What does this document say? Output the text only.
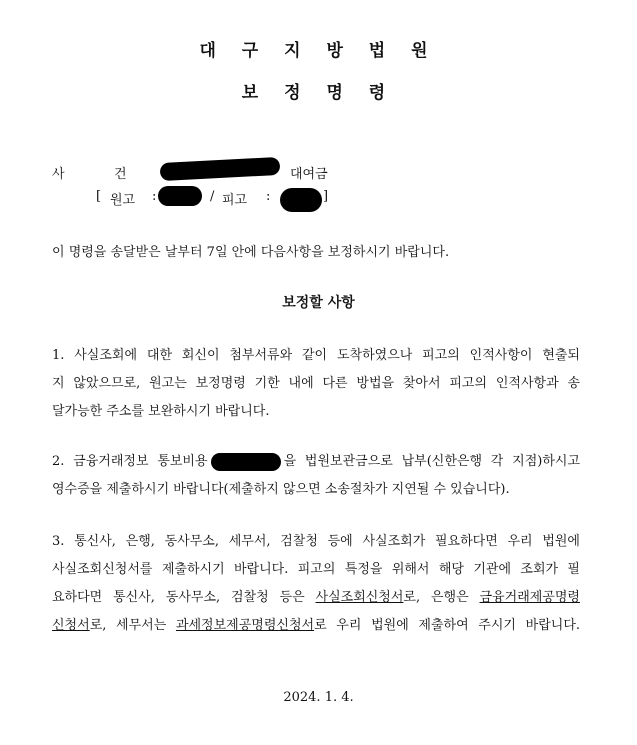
대 구 지 방 법 원
보 정 명 령
사	건	대여금
[ 원고 :	/ 피고 :	]
이 명령을 송달받은 날부터 7일 안에 다음사항을 보정하시기 바랍니다.
보정할 사항
1. 사실조회에 대한 회신이 첨부서류와 같이 도착하였으나 피고의 인적사항이 현출되
지 않았으므로, 원고는 보정명령 기한 내에 다른 방법을 찾아서 피고의 인적사항과 송
달가능한 주소를 보완하시기 바랍니다.
2. 금융거래정보 통보비용	을 법원보관금으로 납부(신한은행 각 지점)하시고
영수증을 제출하시기 바랍니다(제출하지 않으면 소송절차가 지연될 수 있습니다).
3. 통신사, 은행, 동사무소, 세무서, 검찰청 등에 사실조회가 필요하다면 우리 법원에
사실조회신청서를 제출하시기 바랍니다. 피고의 특정을 위해서 해당 기관에 조회가 필
요하다면 통신사, 동사무소, 검찰청 등은 사실조회신청서로, 은행은 금융거래제공명령
신청서로, 세무서는 과세정보제공명령신청서로 우리 법원에 제출하여 주시기 바랍니다.
2024. 1. 4.
